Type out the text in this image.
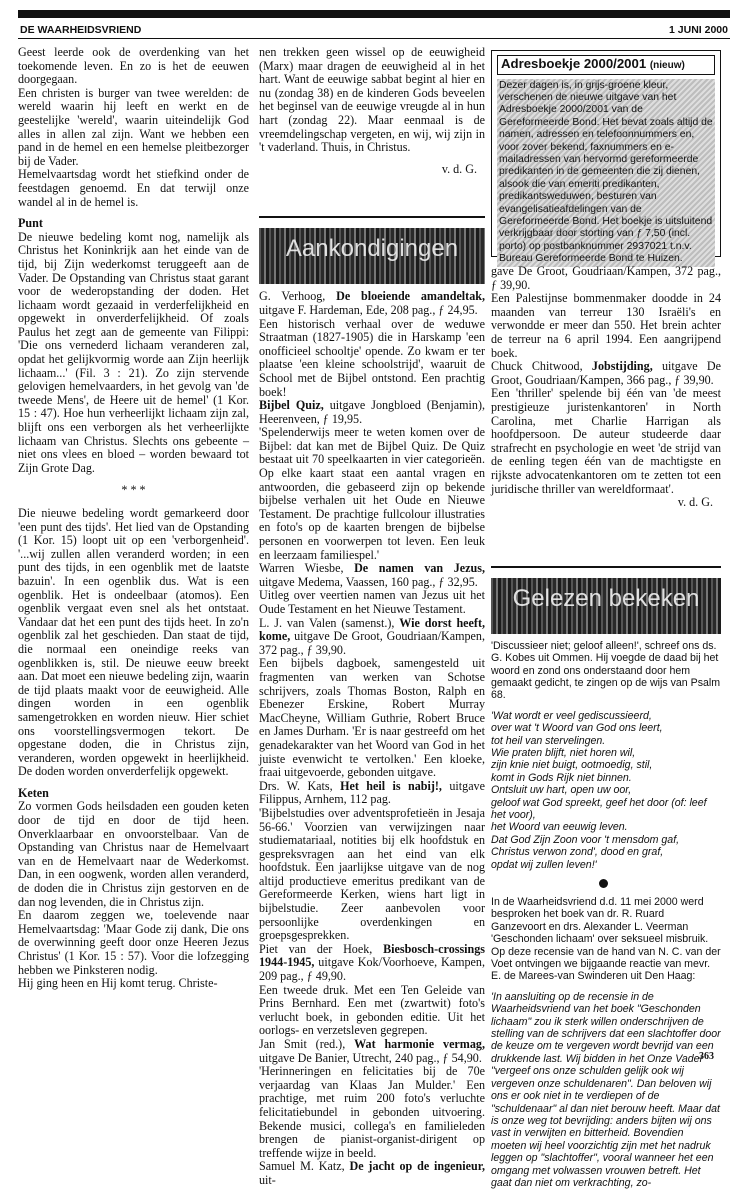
DE WAARHEIDSVRIEND	1 JUNI 2000

Geest leerde ook de overdenking van het toekomende leven. En zo is het de eeuwen doorgegaan.

Een christen is burger van twee werelden: de wereld waarin hij leeft en werkt en de geestelijke 'wereld', waarin uiteindelijk God alles in allen zal zijn. Want we hebben een pand in de hemel en een hemelse pleitbezorger bij de Vader.

Hemelvaartsdag wordt het stiefkind onder de feestdagen genoemd. En dat terwijl onze wandel al in de hemel is.

Punt

De nieuwe bedeling komt nog, namelijk als Christus het Koninkrijk aan het einde van de tijd, bij Zijn wederkomst teruggeeft aan de Vader. De Opstanding van Christus staat garant voor de wederopstanding der doden. Het lichaam wordt gezaaid in verderfelijkheid en opgewekt in onverderfelijkheid. Of zoals Paulus het zegt aan de gemeente van Filippi: 'Die ons vernederd lichaam veranderen zal, opdat het gelijkvormig worde aan Zijn heerlijk lichaam...' (Fil. 3 : 21). Zo zijn stervende gelovigen hemelvaarders, in het gevolg van 'de tweede Mens', de Heere uit de hemel' (1 Kor. 15 : 47). Hoe hun verheerlijkt lichaam zijn zal, blijft ons een verborgen als het verheerlijkte lichaam van Christus. Slechts ons gebeente – niet ons vlees en bloed – worden bewaard tot Zijn Grote Dag.

* * *

Die nieuwe bedeling wordt gemarkeerd door 'een punt des tijds'. Het lied van de Opstanding (1 Kor. 15) loopt uit op een 'verborgenheid'. '...wij zullen allen veranderd worden; in een punt des tijds, in een ogenblik met de laatste bazuin'. In een ogenblik dus. Wat is een ogenblik. Het is ondeelbaar (atomos). Een ogenblik vergaat even snel als het ontstaat. Vandaar dat het een punt des tijds heet. In zo'n ogenblik zal het geschieden. Dan staat de tijd, die normaal een oneindige reeks van ogenblikken is, stil. De nieuwe eeuw breekt aan. Dat moet een nieuwe bedeling zijn, waarin de tijd plaats maakt voor de eeuwigheid. Alle dingen worden in een ogenblik samengetrokken en worden nieuw. Hier schiet ons voorstellingsvermogen tekort. De opgestane doden, die in Christus zijn, veranderen, worden opgewekt in heerlijkheid. De doden worden onverderfelijk opgewekt.

Keten

Zo vormen Gods heilsdaden een gouden keten door de tijd en door de tijd heen. Onverklaarbaar en onvoorstelbaar. Van de Opstanding van Christus naar de Hemelvaart van en de Hemelvaart naar de Wederkomst. Dan, in een oogwenk, worden allen veranderd, de doden die in Christus zijn gestorven en de dan nog levenden, die in Christus zijn.

En daarom zeggen we, toelevende naar Hemelvaartsdag: 'Maar Gode zij dank, Die ons de overwinning geeft door onze Heeren Jezus Christus' (1 Kor. 15 : 57). Voor die lofzegging hebben we Pinksteren nodig.

Hij ging heen en Hij komt terug. Christe-

nen trekken geen wissel op de eeuwigheid (Marx) maar dragen de eeuwigheid al in het hart. Want de eeuwige sabbat begint al hier en nu (zondag 38) en de kinderen Gods beveelen het beginsel van de eeuwige vreugde al in hun hart (zondag 22). Maar eenmaal is de vreemdelingschap vergeten, en wij, wij zijn in 't vaderland. Thuis, in Christus.

v. d. G.

Aankondigingen

G. Verhoog, De bloeiende amandeltak, uitgave F. Hardeman, Ede, 208 pag., ƒ 24,95.

Een historisch verhaal over de weduwe Straatman (1827-1905) die in Harskamp 'een onofficieel schooltje' opende. Zo kwam er ter plaatse 'een kleine schoolstrijd', waaruit de School met de Bijbel ontstond. Een prachtig boek!

Bijbel Quiz, uitgave Jongbloed (Benjamin), Heerenveen, ƒ 19,95.

'Spelenderwijs meer te weten komen over de Bijbel: dat kan met de Bijbel Quiz. De Quiz bestaat uit 70 speelkaarten in vier categorieën. Op elke kaart staat een aantal vragen en antwoorden, die gebaseerd zijn op bekende bijbelse verhalen uit het Oude en Nieuwe Testament. De prachtige fullcolour illustraties en foto's op de kaarten brengen de bijbelse personen en voorwerpen tot leven. Een leuk en leerzaam familiespel.'

Warren Wiesbe, De namen van Jezus, uitgave Medema, Vaassen, 160 pag., ƒ 32,95.

Uitleg over veertien namen van Jezus uit het Oude Testament en het Nieuwe Testament.

L. J. van Valen (samenst.), Wie dorst heeft, kome, uitgave De Groot, Goudriaan/Kampen, 372 pag., ƒ 39,90.

Een bijbels dagboek, samengesteld uit fragmenten van werken van Schotse schrijvers, zoals Thomas Boston, Ralph en Ebenezer Erskine, Robert Murray MacCheyne, William Guthrie, Robert Bruce en James Durham. 'Er is naar gestreefd om het genadekarakter van het Woord van God in het juiste evenwicht te vertolken.' Een kloeke, fraai uitgevoerde, gebonden uitgave.

Drs. W. Kats, Het heil is nabij!, uitgave Filippus, Arnhem, 112 pag.

'Bijbelstudies over adventsprofetieën in Jesaja 56-66.' Voorzien van verwijzingen naar studiematariaal, notities bij elk hoofdstuk en gespreksvragen aan het eind van elk hoofdstuk. Een jaarlijkse uitgave van de nog altijd productieve emeritus predikant van de Gereformeerde Kerken, wiens hart ligt in bijbelstudie. Zeer aanbevolen voor persoonlijke overdenkingen en groepsgesprekken.

Piet van der Hoek, Biesbosch-crossings 1944-1945, uitgave Kok/Voorhoeve, Kampen, 209 pag., ƒ 49,90.

Een tweede druk. Met een Ten Geleide van Prins Bernhard. Een met (zwartwit) foto's verlucht boek, in gebonden editie. Uit het oorlogs- en verzetsleven gegrepen.

Jan Smit (red.), Wat harmonie vermag, uitgave De Banier, Utrecht, 240 pag., ƒ 54,90.

'Herinneringen en felicitaties bij de 70e verjaardag van Klaas Jan Mulder.' Een prachtige, met ruim 200 foto's verluchte felicitatiebundel in gebonden uitvoering. Bekende musici, collega's en familieleden brengen de pianist-organist-dirigent op treffende wijze in beeld.

Samuel M. Katz, De jacht op de ingenieur, uit-

Adresboekje 2000/2001 (nieuw)
Dezer dagen is, in grijs-groene kleur, verschenen de nieuwe uitgave van het Adresboekje 2000/2001 van de Gereformeerde Bond. Het bevat zoals altijd de namen, adressen en telefoonnummers en, voor zover bekend, faxnummers en e-mailadressen van hervormd gereformeerde predikanten in de gemeenten die zij dienen, alsook die van emeriti predikanten, predikantsweduwen, besturen van evangelisatieafdelingen van de Gereformeerde Bond. Het boekje is uitsluitend verkrijgbaar door storting van ƒ 7,50 (incl. porto) op postbanknummer 2937021 t.n.v. Bureau Gereformeerde Bond te Huizen.

gave De Groot, Goudriaan/Kampen, 372 pag., ƒ 39,90.

Een Palestijnse bommenmaker doodde in 24 maanden van terreur 130 Israëli's en verwondde er meer dan 550. Het brein achter de terreur na 6 april 1994. Een aangrijpend boek.

Chuck Chitwood, Jobstijding, uitgave De Groot, Goudriaan/Kampen, 366 pag., ƒ 39,90.

Een 'thriller' spelende bij één van 'de meest prestigieuze juristenkantoren' in North Carolina, met Charlie Harrigan als hoofdpersoon. De auteur studeerde daar strafrecht en psychologie en weet 'de strijd van de eenling tegen één van de machtigste en rijkste advocatenkantoren om te zetten tot een juridische thriller van wereldformaat'.

v. d. G.

Gelezen bekeken

'Discussieer niet; geloof alleen!', schreef ons ds. G. Kobes uit Ommen. Hij voegde de daad bij het woord en zond ons onderstaand door hem gemaakt gedicht, te zingen op de wijs van Psalm 68.

'Wat wordt er veel gediscussieerd,
over wat 't Woord van God ons leert,
tot heil van stervelingen.
Wie praten blijft, niet horen wil,
zijn knie niet buigt, ootmoedig, stil,
komt in Gods Rijk niet binnen.
Ontsluit uw hart, open uw oor,
geloof wat God spreekt, geef het door (of: leef het voor),
het Woord van eeuwig leven.
Dat God Zijn Zoon voor 't mensdom gaf,
Christus verwon zond', dood en graf,
opdat wij zullen leven!'

In de Waarheidsvriend d.d. 11 mei 2000 werd besproken het boek van dr. R. Ruard Ganzevoort en drs. Alexander L. Veerman 'Geschonden lichaam' over seksueel misbruik. Op deze recensie van de hand van N. C. van der Voet ontvingen we bijgaande reactie van mevr. E. de Marees-van Swinderen uit Den Haag:

'In aansluiting op de recensie in de Waarheidsvriend van het boek "Geschonden lichaam" zou ik sterk willen onderschrijven de stelling van de schrijvers dat een slachtoffer door de keuze om te vergeven wordt bevrijd van een drukkende last. Wij bidden in het Onze Vader "vergeef ons onze schulden gelijk ook wij vergeven onze schuldenaren". Dan beloven wij ons er ook niet in te verdiepen of de "schuldenaar" al dan niet berouw heeft. Maar dat is onze weg tot bevrijding: anders bijten wij ons vast in verwijten en bitterheid. Bovendien moeten wij heel voorzichtig zijn met het nadruk leggen op "slachtoffer", vooral wanneer het een omgang met volwassen vrouwen betreft. Het gaat dan niet om verkrachting, zo-

363
